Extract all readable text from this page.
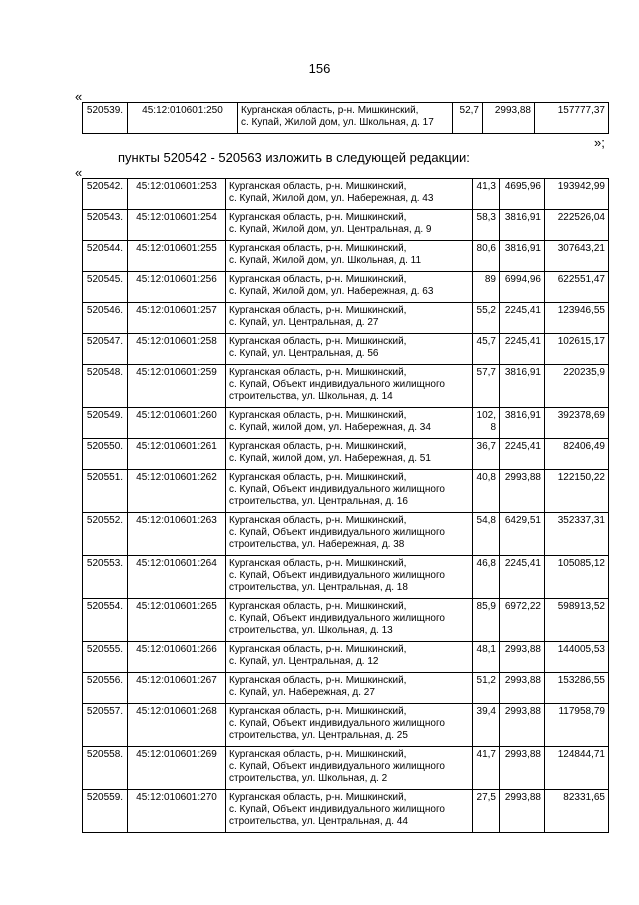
156
«
520539.	45:12:010601:250	Курганская область, р-н. Мишкинский,
с. Купай, Жилой дом, ул. Школьная, д. 17
	52,7	2993,88	157777,37
»;
пункты 520542 - 520563 изложить в следующей редакции:
«
520542.	45:12:010601:253	Курганская область, р-н. Мишкинский,
с. Купай, Жилой дом, ул. Набережная, д. 43	41,3	4695,96	193942,99
520543.	45:12:010601:254	Курганская область, р-н. Мишкинский,
с. Купай, Жилой дом, ул. Центральная, д. 9	58,3	3816,91	222526,04
520544.	45:12:010601:255	Курганская область, р-н. Мишкинский,
с. Купай, Жилой дом, ул. Школьная, д. 11	80,6	3816,91	307643,21
520545.	45:12:010601:256	Курганская область, р-н. Мишкинский,
с. Купай, Жилой дом, ул. Набережная, д. 63	89	6994,96	622551,47
520546.	45:12:010601:257	Курганская область, р-н. Мишкинский,
с. Купай, ул. Центральная, д. 27	55,2	2245,41	123946,55
520547.	45:12:010601:258	Курганская область, р-н. Мишкинский,
с. Купай, ул. Центральная, д. 56	45,7	2245,41	102615,17
520548.	45:12:010601:259	Курганская область, р-н. Мишкинский,
с. Купай, Объект индивидуального жилищного
строительства, ул. Школьная, д. 14	57,7	3816,91	220235,9
520549.	45:12:010601:260	Курганская область, р-н. Мишкинский,
с. Купай, жилой дом, ул. Набережная, д. 34	102,8	3816,91	392378,69
520550.	45:12:010601:261	Курганская область, р-н. Мишкинский,
с. Купай, жилой дом, ул. Набережная, д. 51	36,7	2245,41	82406,49
520551.	45:12:010601:262	Курганская область, р-н. Мишкинский,
с. Купай, Объект индивидуального жилищного
строительства, ул. Центральная, д. 16	40,8	2993,88	122150,22
520552.	45:12:010601:263	Курганская область, р-н. Мишкинский,
с. Купай, Объект индивидуального жилищного
строительства, ул. Набережная, д. 38	54,8	6429,51	352337,31
520553.	45:12:010601:264	Курганская область, р-н. Мишкинский,
с. Купай, Объект индивидуального жилищного
строительства, ул. Центральная, д. 18	46,8	2245,41	105085,12
520554.	45:12:010601:265	Курганская область, р-н. Мишкинский,
с. Купай, Объект индивидуального жилищного
строительства, ул. Школьная, д. 13	85,9	6972,22	598913,52
520555.	45:12:010601:266	Курганская область, р-н. Мишкинский,
с. Купай, ул. Центральная, д. 12	48,1	2993,88	144005,53
520556.	45:12:010601:267	Курганская область, р-н. Мишкинский,
с. Купай, ул. Набережная, д. 27	51,2	2993,88	153286,55
520557.	45:12:010601:268	Курганская область, р-н. Мишкинский,
с. Купай, Объект индивидуального жилищного
строительства, ул. Центральная, д. 25	39,4	2993,88	117958,79
520558.	45:12:010601:269	Курганская область, р-н. Мишкинский,
с. Купай, Объект индивидуального жилищного
строительства, ул. Школьная, д. 2	41,7	2993,88	124844,71
520559.	45:12:010601:270	Курганская область, р-н. Мишкинский,
с. Купай, Объект индивидуального жилищного
строительства, ул. Центральная, д. 44	27,5	2993,88	82331,65
